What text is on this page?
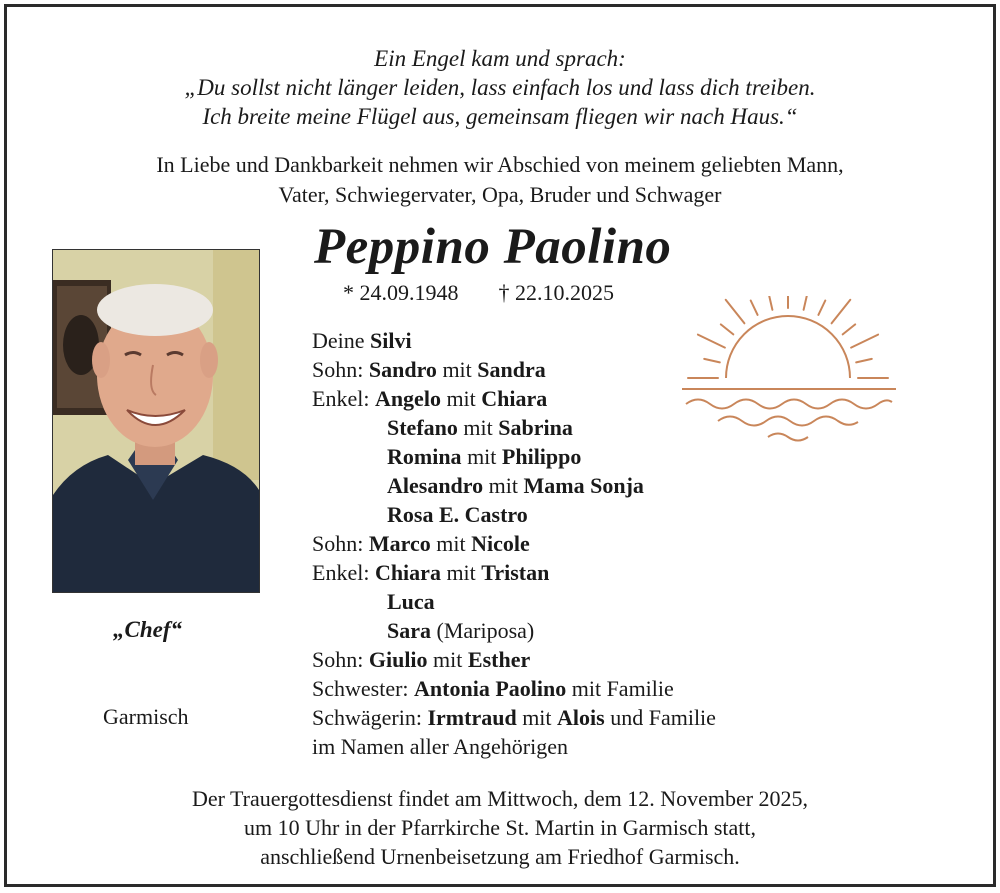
Ein Engel kam und sprach:
„Du sollst nicht länger leiden, lass einfach los und lass dich treiben.
Ich breite meine Flügel aus, gemeinsam fliegen wir nach Haus.“
In Liebe und Dankbarkeit nehmen wir Abschied von meinem geliebten Mann,
Vater, Schwiegervater, Opa, Bruder und Schwager
Peppino Paolino
* 24.09.1948 † 22.10.2025
„Chef“
Garmisch
Deine Silvi
Sohn: Sandro mit Sandra
Enkel: Angelo mit Chiara
Stefano mit Sabrina
Romina mit Philippo
Alesandro mit Mama Sonja
Rosa E. Castro
Sohn: Marco mit Nicole
Enkel: Chiara mit Tristan
Luca
Sara (Mariposa)
Sohn: Giulio mit Esther
Schwester: Antonia Paolino mit Familie
Schwägerin: Irmtraud mit Alois und Familie
im Namen aller Angehörigen
Der Trauergottesdienst findet am Mittwoch, dem 12. November 2025,
um 10 Uhr in der Pfarrkirche St. Martin in Garmisch statt,
anschließend Urnenbeisetzung am Friedhof Garmisch.
